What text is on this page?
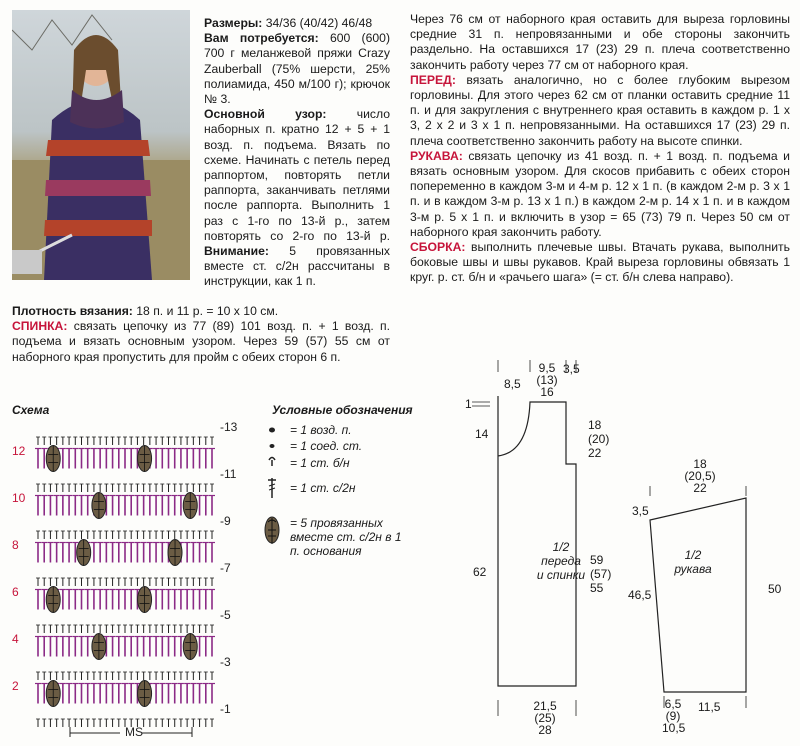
Размеры: 34/36 (40/42) 46/48

Вам потребуется: 600 (600) 700 г меланжевой пряжи Crazy Zauberball (75% шерсти, 25% полиамида, 450 м/100 г); крючок № 3.

Основной узор: число наборных п. кратно 12 + 5 + 1 возд. п. подъема. Вязать по схеме. Начинать с петель перед раппортом, повторять петли раппорта, заканчивать петлями после раппорта. Выполнить 1 раз с 1-го по 13-й р., затем повторять со 2-го по 13-й р. Внимание: 5 провязанных вместе ст. с/2н рассчитаны в инструкции, как 1 п.

Плотность вязания: 18 п. и 11 р. = 10 x 10 см.

СПИНКА: связать цепочку из 77 (89) 101 возд. п. + 1 возд. п. подъема и вязать основным узором. Через 59 (57) 55 см от наборного края пропустить для пройм с обеих сторон 6 п.

Через 76 см от наборного края оставить для выреза горловины средние 31 п. непровязанными и обе стороны закончить раздельно. На оставшихся 17 (23) 29 п. плеча соответственно закончить работу через 77 см от наборного края.

ПЕРЕД: вязать аналогично, но с более глубоким вырезом горловины. Для этого через 62 см от планки оставить средние 11 п. и для закругления с внутреннего края оставить в каждом р. 1 x 3, 2 x 2 и 3 x 1 п. непровязанными. На оставшихся 17 (23) 29 п. плеча соответственно закончить работу на высоте спинки.

РУКАВА: связать цепочку из 41 возд. п. + 1 возд. п. подъема и вязать основным узором. Для скосов прибавить с обеих сторон попеременно в каждом 3-м и 4-м р. 12 x 1 п. (в каждом 2-м р. 3 x 1 п. и в каждом 3-м р. 13 x 1 п.) в каждом 2-м р. 14 x 1 п. и в каждом 3-м р. 5 x 1 п. и включить в узор = 65 (73) 79 п. Через 50 см от наборного края закончить работу.

СБОРКА: выполнить плечевые швы. Втачать рукава, выполнить боковые швы и швы рукавов. Край выреза горловины обвязать 1 круг. р. ст. б/н и «рачьего шага» (= ст. б/н слева направо).

Схема
12
10
8
6
4
2
-13
-11
-9
-7
-5
-3
-1
MS
Условные обозначения
= 1 возд. п.
= 1 соед. ст.
= 1 ст. б/н
= 1 ст. с/2н
= 5 провязанных вместе ст. с/2н в 1 п. основания	1/2
переда
и спинки
8,5
9,5 (13) 16
3,5
1
14
18 (20) 22
62
59 (57) 55
21,5 (25) 28
1/2
рукава
18 (20,5) 22
3,5
46,5	50
6,5 (9) 10,5
11,5
